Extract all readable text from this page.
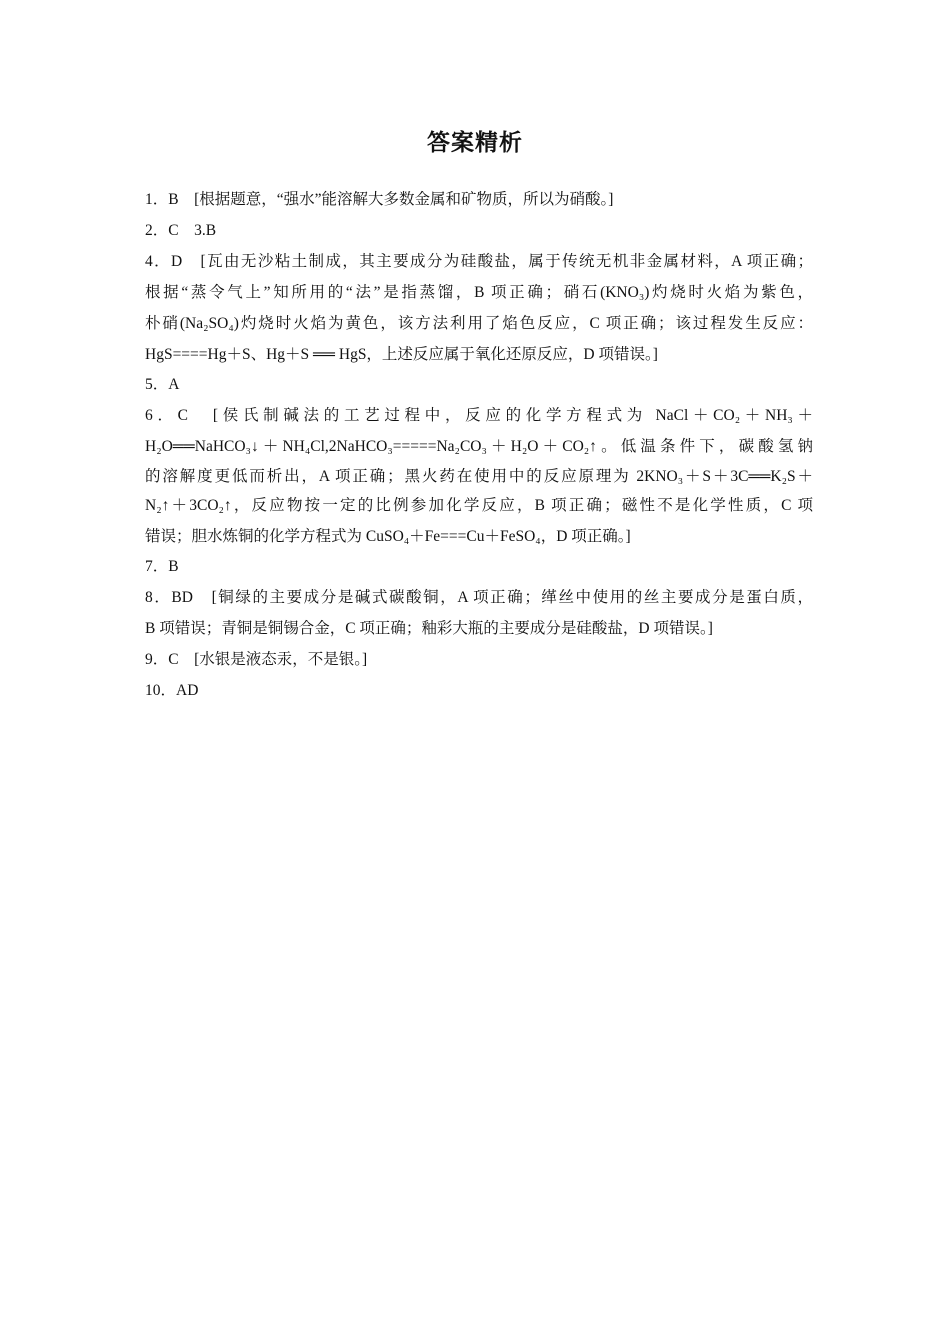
答案精析

1．B　[根据题意，“强水”能溶解大多数金属和矿物质，所以为硝酸。]

2．C　3.B

4．D　[瓦由无沙粘土制成，其主要成分为硅酸盐，属于传统无机非金属材料，A 项正确；

根据“蒸令气上”知所用的“法”是指蒸馏，B 项正确；硝石(KNO₃)灼烧时火焰为紫色，

朴硝(Na₂SO₄)灼烧时火焰为黄色，该方法利用了焰色反应，C 项正确；该过程发生反应：

HgS====Hg＋S、Hg＋S ══ HgS，上述反应属于氧化还原反应，D 项错误。]

5．A

6．C　[侯氏制碱法的工艺过程中，反应的化学方程式为 NaCl＋CO₂＋NH₃＋

H₂O══NaHCO₃↓＋NH₄Cl,2NaHCO₃=====Na₂CO₃＋H₂O＋CO₂↑。低温条件下，碳酸氢钠

的溶解度更低而析出，A 项正确；黑火药在使用中的反应原理为 2KNO₃＋S＋3C══K₂S＋

N₂↑＋3CO₂↑，反应物按一定的比例参加化学反应，B 项正确；磁性不是化学性质，C 项

错误；胆水炼铜的化学方程式为 CuSO₄＋Fe===Cu＋FeSO₄，D 项正确。]

7．B

8．BD　[铜绿的主要成分是碱式碳酸铜，A 项正确；缂丝中使用的丝主要成分是蛋白质，

B 项错误；青铜是铜锡合金，C 项正确；釉彩大瓶的主要成分是硅酸盐，D 项错误。]

9．C　[水银是液态汞，不是银。]

10．AD
